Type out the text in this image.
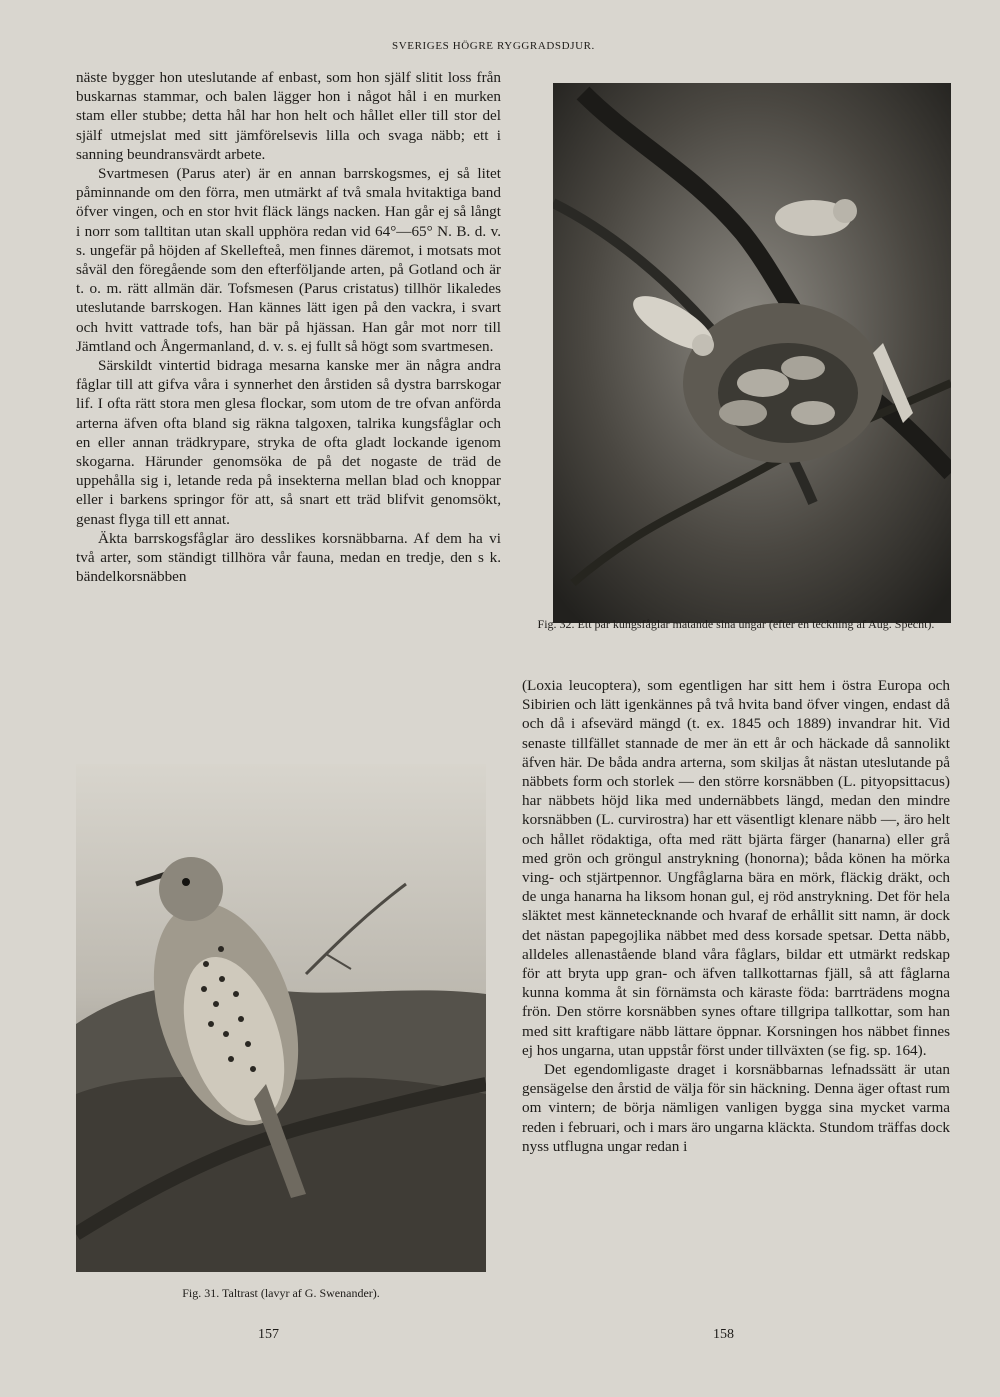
SVERIGES HÖGRE RYGGRADSDJUR.

näste bygger hon uteslutande af enbast, som hon själf slitit loss från buskarnas stammar, och balen lägger hon i något hål i en murken stam eller stubbe; detta hål har hon helt och hållet eller till stor del själf utmejslat med sitt jämförelsevis lilla och svaga näbb; ett i sanning beundransvärdt arbete.

Svartmesen (Parus ater) är en annan barrskogsmes, ej så litet påminnande om den förra, men utmärkt af två smala hvitaktiga band öfver vingen, och en stor hvit fläck längs nacken. Han går ej så långt i norr som talltitan utan skall upphöra redan vid 64°—65° N. B. d. v. s. ungefär på höjden af Skellefteå, men finnes däremot, i motsats mot såväl den föregående som den efterföljande arten, på Gotland och är t. o. m. rätt allmän där. Tofsmesen (Parus cristatus) tillhör likaledes uteslutande barrskogen. Han kännes lätt igen på den vackra, i svart och hvitt vattrade tofs, han bär på hjässan. Han går mot norr till Jämtland och Ångermanland, d. v. s. ej fullt så högt som svartmesen.

Särskildt vintertid bidraga mesarna kanske mer än några andra fåglar till att gifva våra i synnerhet den årstiden så dystra barrskogar lif. I ofta rätt stora men glesa flockar, som utom de tre ofvan anförda arterna äfven ofta bland sig räkna talgoxen, talrika kungsfåglar och en eller annan trädkrypare, stryka de ofta gladt lockande igenom skogarna. Härunder genomsöka de på det nogaste de träd de uppehålla sig i, letande reda på insekterna mellan blad och knoppar eller i barkens springor för att, så snart ett träd blifvit genomsökt, genast flyga till ett annat.

Äkta barrskogsfåglar äro desslikes korsnäbbarna. Af dem ha vi två arter, som ständigt tillhöra vår fauna, medan en tredje, den s k. bändelkorsnäbben

Fig. 32. Ett par kungsfåglar matande sina ungar (efter en teckning af Aug. Specht).
Fig. 31. Taltrast (lavyr af G. Swenander).

(Loxia leucoptera), som egentligen har sitt hem i östra Europa och Sibirien och lätt igenkännes på två hvita band öfver vingen, endast då och då i afsevärd mängd (t. ex. 1845 och 1889) invandrar hit. Vid senaste tillfället stannade de mer än ett år och häckade då sannolikt äfven här. De båda andra arterna, som skiljas åt nästan uteslutande på näbbets form och storlek — den större korsnäbben (L. pityopsittacus) har näbbets höjd lika med undernäbbets längd, medan den mindre korsnäbben (L. curvirostra) har ett väsentligt klenare näbb —, äro helt och hållet rödaktiga, ofta med rätt bjärta färger (hanarna) eller grå med grön och gröngul anstrykning (honorna); båda könen ha mörka ving- och stjärtpennor. Ungfåglarna bära en mörk, fläckig dräkt, och de unga hanarna ha liksom honan gul, ej röd anstrykning. Det för hela släktet mest kännetecknande och hvaraf de erhållit sitt namn, är dock det nästan papegojlika näbbet med dess korsade spetsar. Detta näbb, alldeles allenastående bland våra fåglars, bildar ett utmärkt redskap för att bryta upp gran- och äfven tallkottarnas fjäll, så att fåglarna kunna komma åt sin förnämsta och käraste föda: barrträdens mogna frön. Den större korsnäbben synes oftare tillgripa tallkottar, som han med sitt kraftigare näbb lättare öppnar. Korsningen hos näbbet finnes ej hos ungarna, utan uppstår först under tillväxten (se fig. sp. 164).

Det egendomligaste draget i korsnäbbarnas lefnadssätt är utan gensägelse den årstid de välja för sin häckning. Denna äger oftast rum om vintern; de börja nämligen vanligen bygga sina mycket varma reden i februari, och i mars äro ungarna kläckta. Stundom träffas dock nyss utflugna ungar redan i

157	158
